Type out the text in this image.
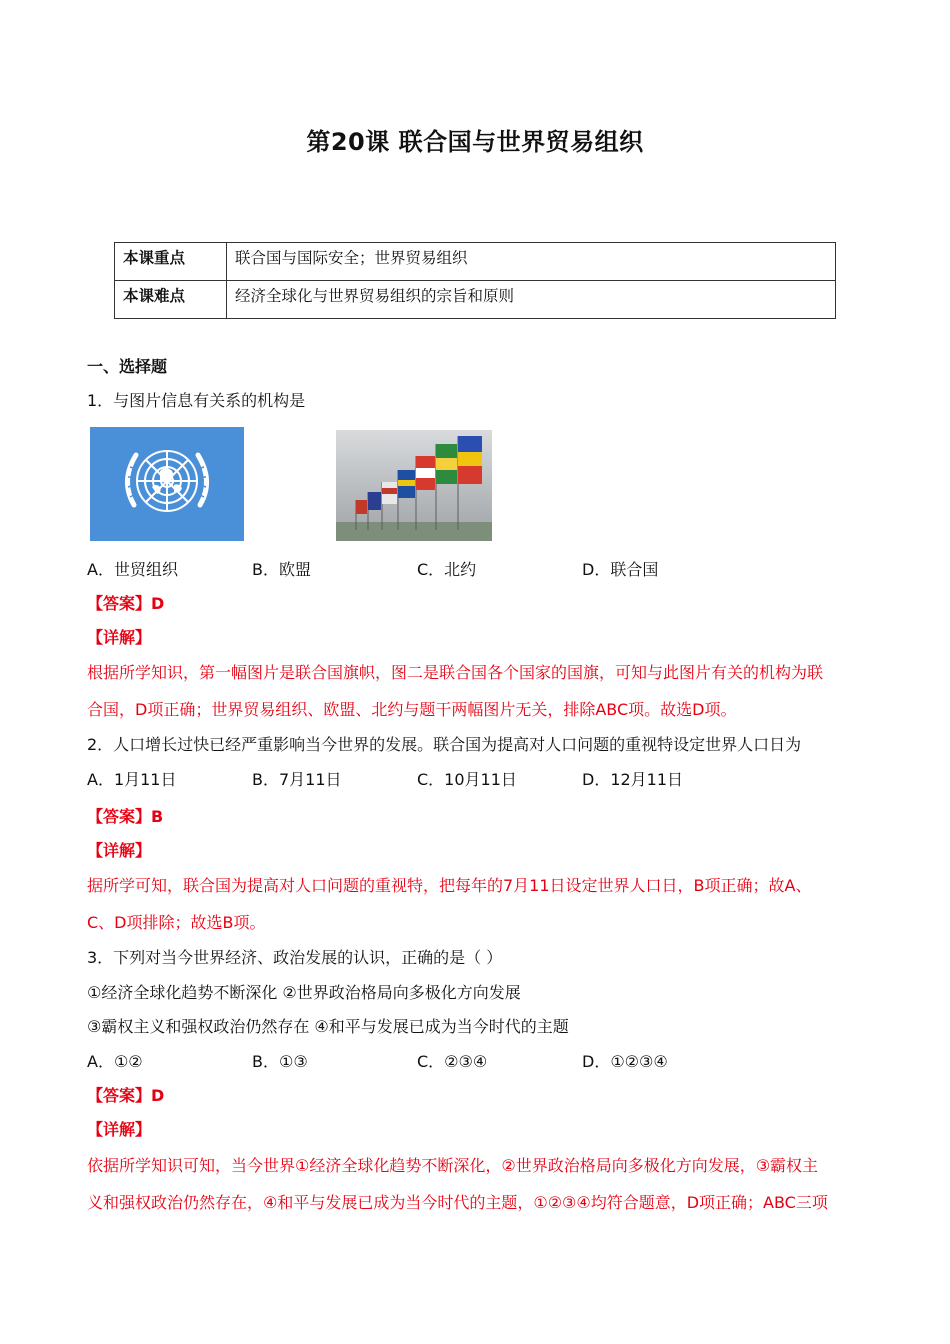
第20课 联合国与世界贸易组织
本课重点	联合国与国际安全；世界贸易组织
本课难点	经济全球化与世界贸易组织的宗旨和原则
一、选择题
1．与图片信息有关系的机构是
A．世贸组织	B．欧盟	C．北约	D．联合国
【答案】D
【详解】
根据所学知识，第一幅图片是联合国旗帜，图二是联合国各个国家的国旗，可知与此图片有关的机构为联
合国，D项正确；世界贸易组织、欧盟、北约与题干两幅图片无关，排除ABC项。故选D项。
2．人口增长过快已经严重影响当今世界的发展。联合国为提高对人口问题的重视特设定世界人口日为
A．1月11日	B．7月11日	C．10月11日	D．12月11日
【答案】B
【详解】
据所学可知，联合国为提高对人口问题的重视特，把每年的7月11日设定世界人口日，B项正确；故A、
C、D项排除；故选B项。
3．下列对当今世界经济、政治发展的认识，正确的是（ ）
①经济全球化趋势不断深化 ②世界政治格局向多极化方向发展
③霸权主义和强权政治仍然存在 ④和平与发展已成为当今时代的主题
A．①②	B．①③	C．②③④	D．①②③④
【答案】D
【详解】
依据所学知识可知，当今世界①经济全球化趋势不断深化，②世界政治格局向多极化方向发展，③霸权主
义和强权政治仍然存在，④和平与发展已成为当今时代的主题，①②③④均符合题意，D项正确；ABC三项
